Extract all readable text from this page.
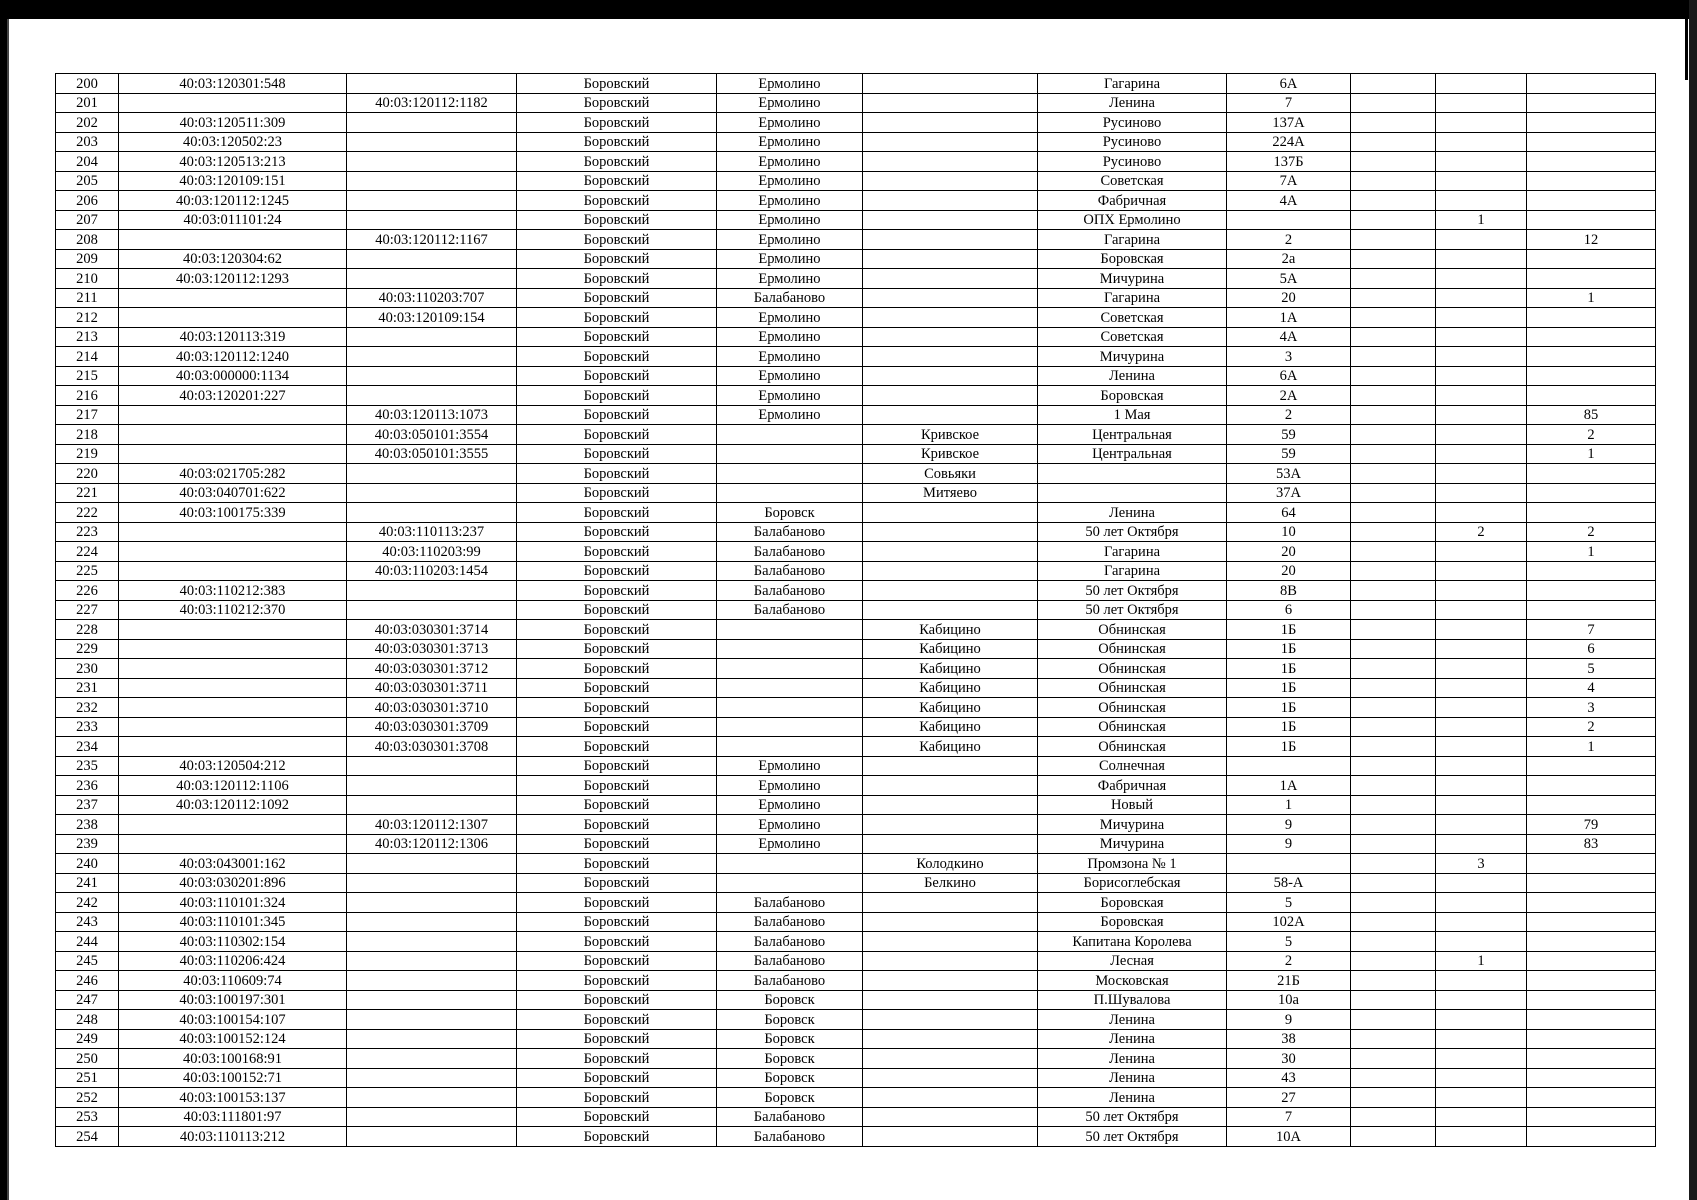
200	40:03:120301:548		Боровский	Ермолино		Гагарина	6А			
201		40:03:120112:1182	Боровский	Ермолино		Ленина	7			
202	40:03:120511:309		Боровский	Ермолино		Русиново	137А			
203	40:03:120502:23		Боровский	Ермолино		Русиново	224А			
204	40:03:120513:213		Боровский	Ермолино		Русиново	137Б			
205	40:03:120109:151		Боровский	Ермолино		Советская	7А			
206	40:03:120112:1245		Боровский	Ермолино		Фабричная	4А			
207	40:03:011101:24		Боровский	Ермолино		ОПХ Ермолино			1	
208		40:03:120112:1167	Боровский	Ермолино		Гагарина	2			12
209	40:03:120304:62		Боровский	Ермолино		Боровская	2а			
210	40:03:120112:1293		Боровский	Ермолино		Мичурина	5А			
211		40:03:110203:707	Боровский	Балабаново		Гагарина	20			1
212		40:03:120109:154	Боровский	Ермолино		Советская	1А			
213	40:03:120113:319		Боровский	Ермолино		Советская	4А			
214	40:03:120112:1240		Боровский	Ермолино		Мичурина	3			
215	40:03:000000:1134		Боровский	Ермолино		Ленина	6А			
216	40:03:120201:227		Боровский	Ермолино		Боровская	2А			
217		40:03:120113:1073	Боровский	Ермолино		1 Мая	2			85
218		40:03:050101:3554	Боровский		Кривское	Центральная	59			2
219		40:03:050101:3555	Боровский		Кривское	Центральная	59			1
220	40:03:021705:282		Боровский		Совьяки		53А			
221	40:03:040701:622		Боровский		Митяево		37А			
222	40:03:100175:339		Боровский	Боровск		Ленина	64			
223		40:03:110113:237	Боровский	Балабаново		50 лет Октября	10		2	2
224		40:03:110203:99	Боровский	Балабаново		Гагарина	20			1
225		40:03:110203:1454	Боровский	Балабаново		Гагарина	20			
226	40:03:110212:383		Боровский	Балабаново		50 лет Октября	8В			
227	40:03:110212:370		Боровский	Балабаново		50 лет Октября	6			
228		40:03:030301:3714	Боровский		Кабицино	Обнинская	1Б			7
229		40:03:030301:3713	Боровский		Кабицино	Обнинская	1Б			6
230		40:03:030301:3712	Боровский		Кабицино	Обнинская	1Б			5
231		40:03:030301:3711	Боровский		Кабицино	Обнинская	1Б			4
232		40:03:030301:3710	Боровский		Кабицино	Обнинская	1Б			3
233		40:03:030301:3709	Боровский		Кабицино	Обнинская	1Б			2
234		40:03:030301:3708	Боровский		Кабицино	Обнинская	1Б			1
235	40:03:120504:212		Боровский	Ермолино		Солнечная				
236	40:03:120112:1106		Боровский	Ермолино		Фабричная	1А			
237	40:03:120112:1092		Боровский	Ермолино		Новый	1			
238		40:03:120112:1307	Боровский	Ермолино		Мичурина	9			79
239		40:03:120112:1306	Боровский	Ермолино		Мичурина	9			83
240	40:03:043001:162		Боровский		Колодкино	Промзона № 1			3	
241	40:03:030201:896		Боровский		Белкино	Борисоглебская	58-А			
242	40:03:110101:324		Боровский	Балабаново		Боровская	5			
243	40:03:110101:345		Боровский	Балабаново		Боровская	102А			
244	40:03:110302:154		Боровский	Балабаново		Капитана Королева	5			
245	40:03:110206:424		Боровский	Балабаново		Лесная	2		1	
246	40:03:110609:74		Боровский	Балабаново		Московская	21Б			
247	40:03:100197:301		Боровский	Боровск		П.Шувалова	10а			
248	40:03:100154:107		Боровский	Боровск		Ленина	9			
249	40:03:100152:124		Боровский	Боровск		Ленина	38			
250	40:03:100168:91		Боровский	Боровск		Ленина	30			
251	40:03:100152:71		Боровский	Боровск		Ленина	43			
252	40:03:100153:137		Боровский	Боровск		Ленина	27			
253	40:03:111801:97		Боровский	Балабаново		50 лет Октября	7			
254	40:03:110113:212		Боровский	Балабаново		50 лет Октября	10А			
